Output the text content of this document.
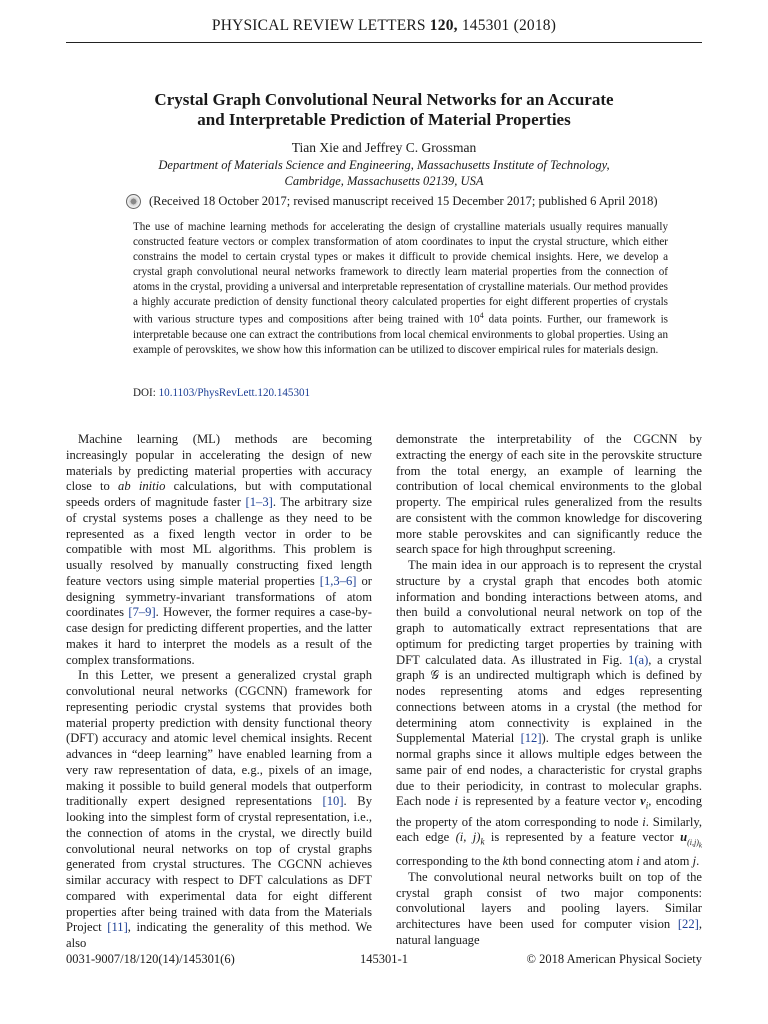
PHYSICAL REVIEW LETTERS 120, 145301 (2018)
Crystal Graph Convolutional Neural Networks for an Accurate
and Interpretable Prediction of Material Properties
Tian Xie and Jeffrey C. Grossman
Department of Materials Science and Engineering, Massachusetts Institute of Technology,
Cambridge, Massachusetts 02139, USA
(Received 18 October 2017; revised manuscript received 15 December 2017; published 6 April 2018)

The use of machine learning methods for accelerating the design of crystalline materials usually requires manually constructed feature vectors or complex transformation of atom coordinates to input the crystal structure, which either constrains the model to certain crystal types or makes it difficult to provide chemical insights. Here, we develop a crystal graph convolutional neural networks framework to directly learn material properties from the connection of atoms in the crystal, providing a universal and interpretable representation of crystalline materials. Our method provides a highly accurate prediction of density functional theory calculated properties for eight different properties of crystals with various structure types and compositions after being trained with $10^4$ data points. Further, our framework is interpretable because one can extract the contributions from local chemical environments to global properties. Using an example of perovskites, we show how this information can be utilized to discover empirical rules for materials design.

DOI: 10.1103/PhysRevLett.120.145301

Machine learning (ML) methods are becoming increasingly popular in accelerating the design of new materials by predicting material properties with accuracy close to ab initio calculations, but with computational speeds orders of magnitude faster [1–3]. The arbitrary size of crystal systems poses a challenge as they need to be represented as a fixed length vector in order to be compatible with most ML algorithms. This problem is usually resolved by manually constructing fixed length feature vectors using simple material properties [1,3–6] or designing symmetry-invariant transformations of atom coordinates [7–9]. However, the former requires a case-by-case design for predicting different properties, and the latter makes it hard to interpret the models as a result of the complex transformations.

In this Letter, we present a generalized crystal graph convolutional neural networks (CGCNN) framework for representing periodic crystal systems that provides both material property prediction with density functional theory (DFT) accuracy and atomic level chemical insights. Recent advances in “deep learning” have enabled learning from a very raw representation of data, e.g., pixels of an image, making it possible to build general models that outperform traditionally expert designed representations [10]. By looking into the simplest form of crystal representation, i.e., the connection of atoms in the crystal, we directly build convolutional neural networks on top of crystal graphs generated from crystal structures. The CGCNN achieves similar accuracy with respect to DFT calculations as DFT compared with experimental data for eight different properties after being trained with data from the Materials Project [11], indicating the generality of this method. We also

demonstrate the interpretability of the CGCNN by extracting the energy of each site in the perovskite structure from the total energy, an example of learning the contribution of local chemical environments to the global property. The empirical rules generalized from the results are consistent with the common knowledge for discovering more stable perovskites and can significantly reduce the search space for high throughput screening.

The main idea in our approach is to represent the crystal structure by a crystal graph that encodes both atomic information and bonding interactions between atoms, and then build a convolutional neural network on top of the graph to automatically extract representations that are optimum for predicting target properties by training with DFT calculated data. As illustrated in Fig. 1(a), a crystal graph 𝒢 is an undirected multigraph which is defined by nodes representing atoms and edges representing connections between atoms in a crystal (the method for determining atom connectivity is explained in the Supplemental Material [12]). The crystal graph is unlike normal graphs since it allows multiple edges between the same pair of end nodes, a characteristic for crystal graphs due to their periodicity, in contrast to molecular graphs. Each node i is represented by a feature vector $v_i$, encoding the property of the atom corresponding to node i. Similarly, each edge (i, $j)_k$ is represented by a feature vector $u_{(i,j)_k}$ corresponding to the kth bond connecting atom i and atom j.

The convolutional neural networks built on top of the crystal graph consist of two major components: convolutional layers and pooling layers. Similar architectures have been used for computer vision [22], natural language

0031-9007/18/120(14)/145301(6)	145301-1	© 2018 American Physical Society
